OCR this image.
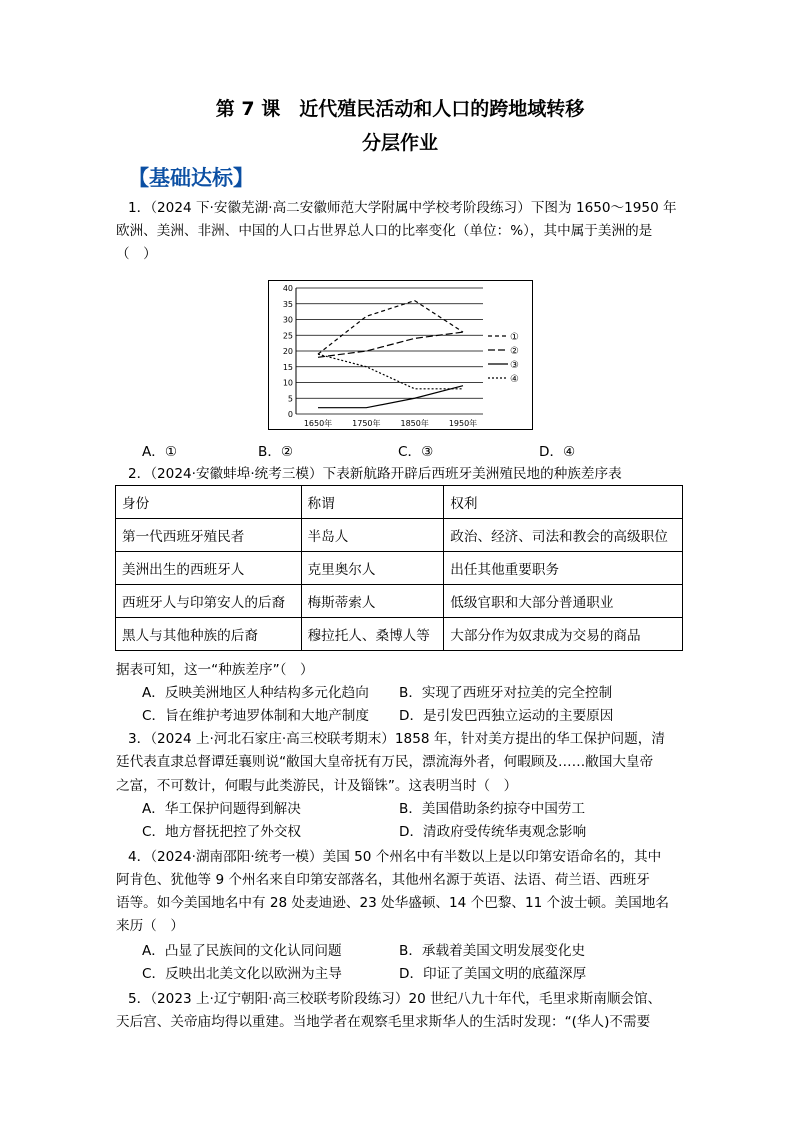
第 7 课　近代殖民活动和人口的跨地域转移
分层作业
【基础达标】
1．（2024 下·安徽芜湖·高二安徽师范大学附属中学校考阶段练习）下图为 1650～1950 年
欧洲、美洲、非洲、中国的人口占世界总人口的比率变化（单位：%），其中属于美洲的是
（　）
0
5
10
15
20
25
30
35
40
1650年 1750年 1850年 1950年
①
②
③
④
A．①	B．②	C．③	D．④
2．（2024·安徽蚌埠·统考三模）下表新航路开辟后西班牙美洲殖民地的种族差序表
身份	称谓	权利
第一代西班牙殖民者	半岛人	政治、经济、司法和教会的高级职位
美洲出生的西班牙人	克里奥尔人	出任其他重要职务
西班牙人与印第安人的后裔	梅斯蒂索人	低级官职和大部分普通职业
黑人与其他种族的后裔	穆拉托人、桑博人等	大部分作为奴隶成为交易的商品
据表可知，这一“种族差序”（　）
A．反映美洲地区人种结构多元化趋向 B．实现了西班牙对拉美的完全控制
C．旨在维护考迪罗体制和大地产制度 D．是引发巴西独立运动的主要原因
3．（2024 上·河北石家庄·高三校联考期末）1858 年，针对美方提出的华工保护问题，清
廷代表直隶总督谭廷襄则说“敝国大皇帝抚有万民，漂流海外者，何暇顾及……敝国大皇帝
之富，不可数计，何暇与此类游民，计及锱铢”。这表明当时（　）
A．华工保护问题得到解决	B．美国借助条约掠夺中国劳工
C．地方督抚把控了外交权	D．清政府受传统华夷观念影响
4．（2024·湖南邵阳·统考一模）美国 50 个州名中有半数以上是以印第安语命名的，其中
阿肯色、犹他等 9 个州名来自印第安部落名，其他州名源于英语、法语、荷兰语、西班牙
语等。如今美国地名中有 28 处麦迪逊、23 处华盛顿、14 个巴黎、11 个波士顿。美国地名
来历（　）
A．凸显了民族间的文化认同问题	B．承载着美国文明发展变化史
C．反映出北美文化以欧洲为主导	D．印证了美国文明的底蕴深厚
5．（2023 上·辽宁朝阳·高三校联考阶段练习）20 世纪八九十年代，毛里求斯南顺会馆、
天后宫、关帝庙均得以重建。当地学者在观察毛里求斯华人的生活时发现：“(华人)不需要
